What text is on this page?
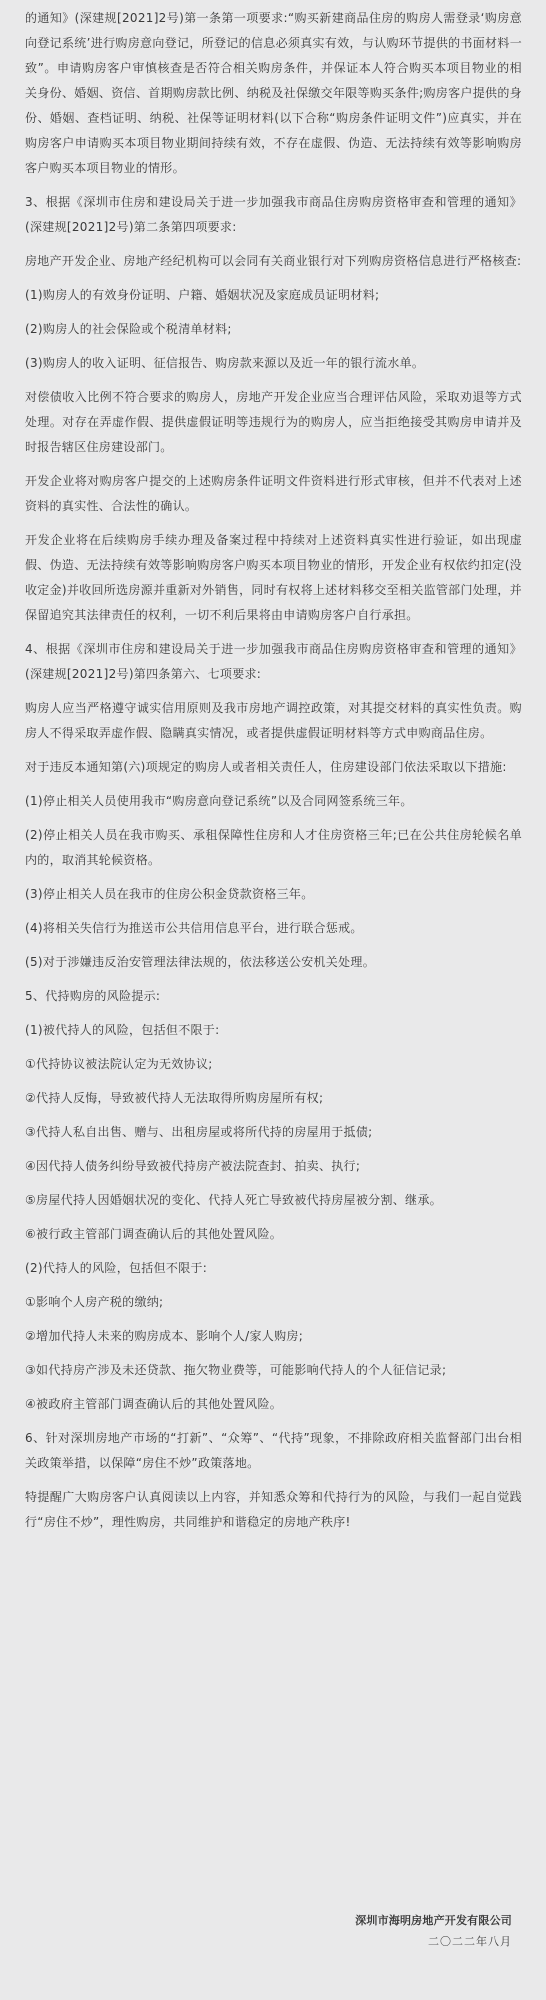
的通知》(深建规[2021]2号)第一条第一项要求:“购买新建商品住房的购房人需登录‘购房意向登记系统’进行购房意向登记，所登记的信息必须真实有效，与认购环节提供的书面材料一致”。申请购房客户审慎核查是否符合相关购房条件，并保证本人符合购买本项目物业的相关身份、婚姻、资信、首期购房款比例、纳税及社保缴交年限等购买条件;购房客户提供的身份、婚姻、查档证明、纳税、社保等证明材料(以下合称“购房条件证明文件”)应真实，并在购房客户申请购买本项目物业期间持续有效，不存在虚假、伪造、无法持续有效等影响购房客户购买本项目物业的情形。

3、根据《深圳市住房和建设局关于进一步加强我市商品住房购房资格审查和管理的通知》(深建规[2021]2号)第二条第四项要求:

房地产开发企业、房地产经纪机构可以会同有关商业银行对下列购房资格信息进行严格核查:

(1)购房人的有效身份证明、户籍、婚姻状况及家庭成员证明材料;

(2)购房人的社会保险或个税清单材料;

(3)购房人的收入证明、征信报告、购房款来源以及近一年的银行流水单。

对偿债收入比例不符合要求的购房人，房地产开发企业应当合理评估风险，采取劝退等方式处理。对存在弄虚作假、提供虚假证明等违规行为的购房人，应当拒绝接受其购房申请并及时报告辖区住房建设部门。

开发企业将对购房客户提交的上述购房条件证明文件资料进行形式审核，但并不代表对上述资料的真实性、合法性的确认。

开发企业将在后续购房手续办理及备案过程中持续对上述资料真实性进行验证，如出现虚假、伪造、无法持续有效等影响购房客户购买本项目物业的情形，开发企业有权依约扣定(没收定金)并收回所选房源并重新对外销售，同时有权将上述材料移交至相关监管部门处理，并保留追究其法律责任的权利，一切不利后果将由申请购房客户自行承担。

4、根据《深圳市住房和建设局关于进一步加强我市商品住房购房资格审查和管理的通知》(深建规[2021]2号)第四条第六、七项要求:

购房人应当严格遵守诚实信用原则及我市房地产调控政策，对其提交材料的真实性负责。购房人不得采取弄虚作假、隐瞒真实情况，或者提供虚假证明材料等方式申购商品住房。

对于违反本通知第(六)项规定的购房人或者相关责任人，住房建设部门依法采取以下措施:

(1)停止相关人员使用我市“购房意向登记系统”以及合同网签系统三年。

(2)停止相关人员在我市购买、承租保障性住房和人才住房资格三年;已在公共住房轮候名单内的，取消其轮候资格。

(3)停止相关人员在我市的住房公积金贷款资格三年。

(4)将相关失信行为推送市公共信用信息平台，进行联合惩戒。

(5)对于涉嫌违反治安管理法律法规的，依法移送公安机关处理。

5、代持购房的风险提示:

(1)被代持人的风险，包括但不限于:

①代持协议被法院认定为无效协议;

②代持人反悔，导致被代持人无法取得所购房屋所有权;

③代持人私自出售、赠与、出租房屋或将所代持的房屋用于抵债;

④因代持人债务纠纷导致被代持房产被法院查封、拍卖、执行;

⑤房屋代持人因婚姻状况的变化、代持人死亡导致被代持房屋被分割、继承。

⑥被行政主管部门调查确认后的其他处置风险。

(2)代持人的风险，包括但不限于:

①影响个人房产税的缴纳;

②增加代持人未来的购房成本、影响个人/家人购房;

③如代持房产涉及未还贷款、拖欠物业费等，可能影响代持人的个人征信记录;

④被政府主管部门调查确认后的其他处置风险。

6、针对深圳房地产市场的“打新”、“众筹”、“代持”现象，不排除政府相关监督部门出台相关政策举措，以保障“房住不炒”政策落地。

特提醒广大购房客户认真阅读以上内容，并知悉众筹和代持行为的风险，与我们一起自觉践行“房住不炒”，理性购房，共同维护和谐稳定的房地产秩序!

深圳市海明房地产开发有限公司
二〇二二年八月
